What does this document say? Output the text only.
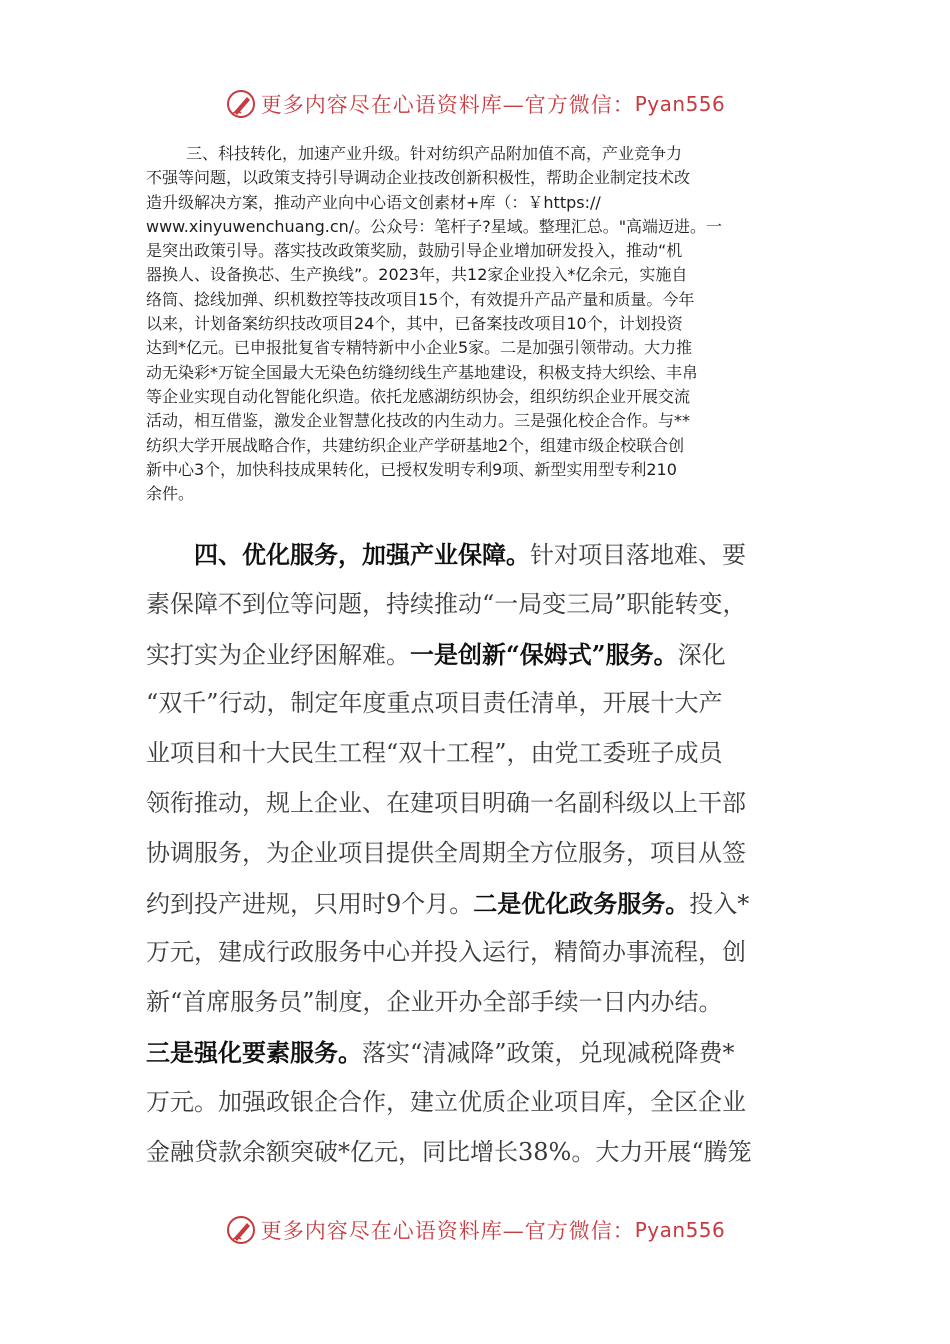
更多内容尽在心语资料库—官方微信： Pyan556
三、科技转化，加速产业升级。针对纺织产品附加值不高，产业竞争力
不强等问题，以政策支持引导调动企业技改创新积极性，帮助企业制定技术改
造升级解决方案，推动产业向中心语文创素材+库（：￥https://
www.xinyuwenchuang.cn/。公众号：笔杆子?星域。整理汇总。"高端迈进。一
是突出政策引导。落实技改政策奖励，鼓励引导企业增加研发投入，推动“机
器换人、设备换芯、生产换线”。2023年，共12家企业投入*亿余元，实施自
络筒、捻线加弹、织机数控等技改项目15个，有效提升产品产量和质量。今年
以来，计划备案纺织技改项目24个，其中，已备案技改项目10个，计划投资
达到*亿元。已申报批复省专精特新中小企业5家。二是加强引领带动。大力推
动无染彩*万锭全国最大无染色纺缝纫线生产基地建设，积极支持大织绘、丰帛
等企业实现自动化智能化织造。依托龙感湖纺织协会，组织纺织企业开展交流
活动，相互借鉴，激发企业智慧化技改的内生动力。三是强化校企合作。与**
纺织大学开展战略合作，共建纺织企业产学研基地2个，组建市级企校联合创
新中心3个，加快科技成果转化，已授权发明专利9项、新型实用型专利210
余件。
四、优化服务，加强产业保障。针对项目落地难、要
素保障不到位等问题，持续推动“一局变三局”职能转变，
实打实为企业纾困解难。一是创新“保姆式”服务。深化
“双千”行动，制定年度重点项目责任清单，开展十大产
业项目和十大民生工程“双十工程”，由党工委班子成员
领衔推动，规上企业、在建项目明确一名副科级以上干部
协调服务，为企业项目提供全周期全方位服务，项目从签
约到投产进规，只用时9个月。二是优化政务服务。投入*
万元，建成行政服务中心并投入运行，精简办事流程，创
新“首席服务员”制度，企业开办全部手续一日内办结。
三是强化要素服务。落实“清减降”政策，兑现减税降费*
万元。加强政银企合作，建立优质企业项目库，全区企业
金融贷款余额突破*亿元，同比增长38%。大力开展“腾笼
更多内容尽在心语资料库—官方微信： Pyan556
